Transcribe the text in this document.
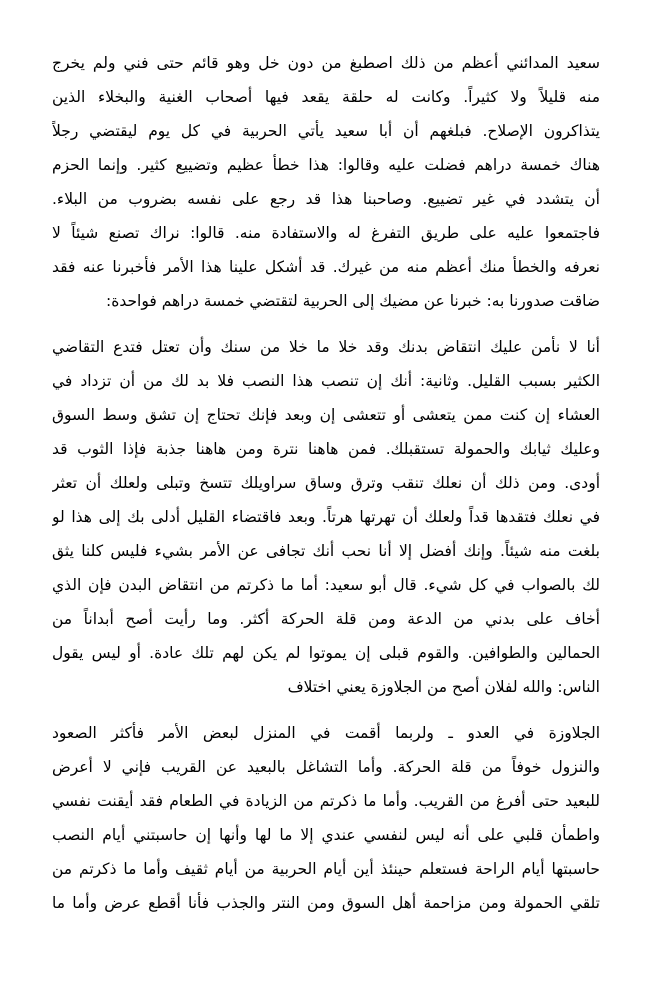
سعيد المدائني أعظم من ذلك اصطبغ من دون خل وهو قائم حتى فني ولم يخرج
منه قليلاً ولا كثيراً. وكانت له حلقة يقعد فيها أصحاب الغنية والبخلاء الذين
يتذاكرون الإصلاح. فبلغهم أن أبا سعيد يأتي الحربية في كل يوم ليقتضي رجلاً
هناك خمسة دراهم فضلت عليه وقالوا: هذا خطأ عظيم وتضييع كثير. وإنما الحزم
أن يتشدد في غير تضييع. وصاحبنا هذا قد رجع على نفسه بضروب من البلاء.
فاجتمعوا عليه على طريق التفرغ له والاستفادة منه. قالوا: نراك تصنع شيئاً لا
نعرفه والخطأ منك أعظم منه من غيرك. قد أشكل علينا هذا الأمر فأخبرنا عنه فقد
ضاقت صدورنا به: خبرنا عن مضيك إلى الحربية لتقتضي خمسة دراهم فواحدة:
أنا لا نأمن عليك انتقاض بدنك وقد خلا ما خلا من سنك وأن تعتل فتدع التقاضي
الكثير بسبب القليل. وثانية: أنك إن تنصب هذا النصب فلا بد لك من أن تزداد في
العشاء إن كنت ممن يتعشى أو تتعشى إن وبعد فإنك تحتاج إن تشق وسط السوق
وعليك ثيابك والحمولة تستقبلك. فمن هاهنا نترة ومن هاهنا جذبة فإذا الثوب قد
أودى. ومن ذلك أن نعلك تنقب وترق وساق سراويلك تتسخ وتبلى ولعلك أن تعثر
في نعلك فتقدها قداً ولعلك أن تهرتها هرتاً. وبعد فاقتضاء القليل أدلى بك إلى هذا لو
بلغت منه شيئاً. وإنك أفضل إلا أنا نحب أنك تجافى عن الأمر بشيء فليس كلنا يثق
لك بالصواب في كل شيء. قال أبو سعيد: أما ما ذكرتم من انتقاض البدن فإن الذي
أخاف على بدني من الدعة ومن قلة الحركة أكثر. وما رأيت أصح أبداناً من
الحمالين والطوافين. والقوم قبلى إن يموتوا لم يكن لهم تلك عادة. أو ليس يقول
الناس: والله لفلان أصح من الجلاوزة يعني اختلاف
الجلاوزة في العدو ـ ولربما أقمت في المنزل لبعض الأمر فأكثر الصعود
والنزول خوفاً من قلة الحركة. وأما التشاغل بالبعيد عن القريب فإني لا أعرض
للبعيد حتى أفرغ من القريب. وأما ما ذكرتم من الزيادة في الطعام فقد أيقنت نفسي
واطمأن قلبي على أنه ليس لنفسي عندي إلا ما لها وأنها إن حاسبتني أيام النصب
حاسبتها أيام الراحة فستعلم حينئذ أين أيام الحربية من أيام ثقيف وأما ما ذكرتم من
تلقي الحمولة ومن مزاحمة أهل السوق ومن النتر والجذب فأنا أقطع عرض وأما ما
